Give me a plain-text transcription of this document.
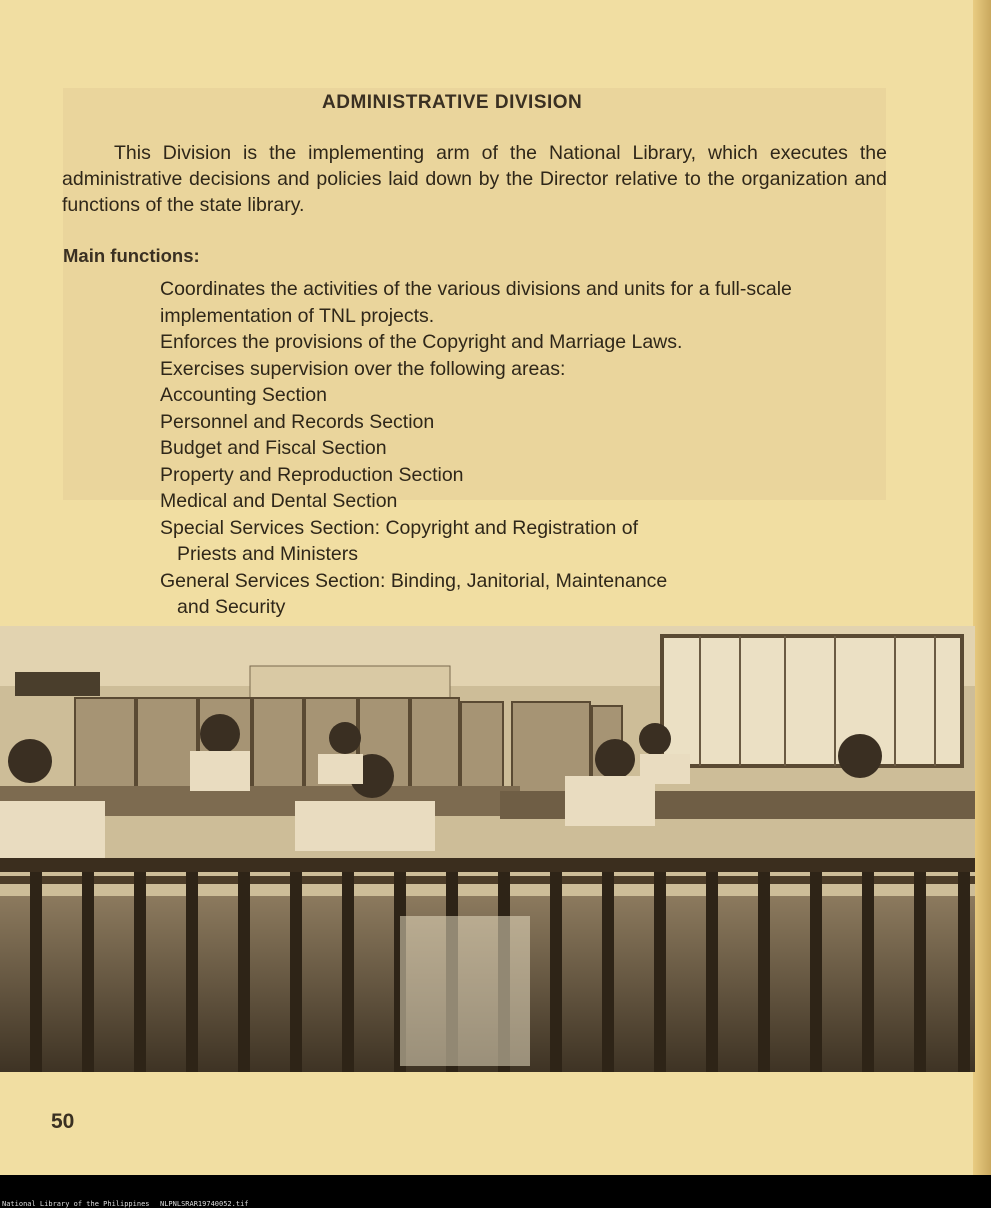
ADMINISTRATIVE DIVISION
This Division is the implementing arm of the National Library, which executes the administrative decisions and policies laid down by the Director relative to the organization and functions of the state library.
Main functions:
Coordinates the activities of the various divisions and units for a full-scale implementation of TNL projects.
Enforces the provisions of the Copyright and Marriage Laws.
Exercises supervision over the following areas:
Accounting Section
Personnel and Records Section
Budget and Fiscal Section
Property and Reproduction Section
Medical and Dental Section
Special Services Section: Copyright and Registration of
Priests and Ministers
General Services Section: Binding, Janitorial, Maintenance
and Security
50
National Library of the Philippines NLPNLSRAR19740052.tif
